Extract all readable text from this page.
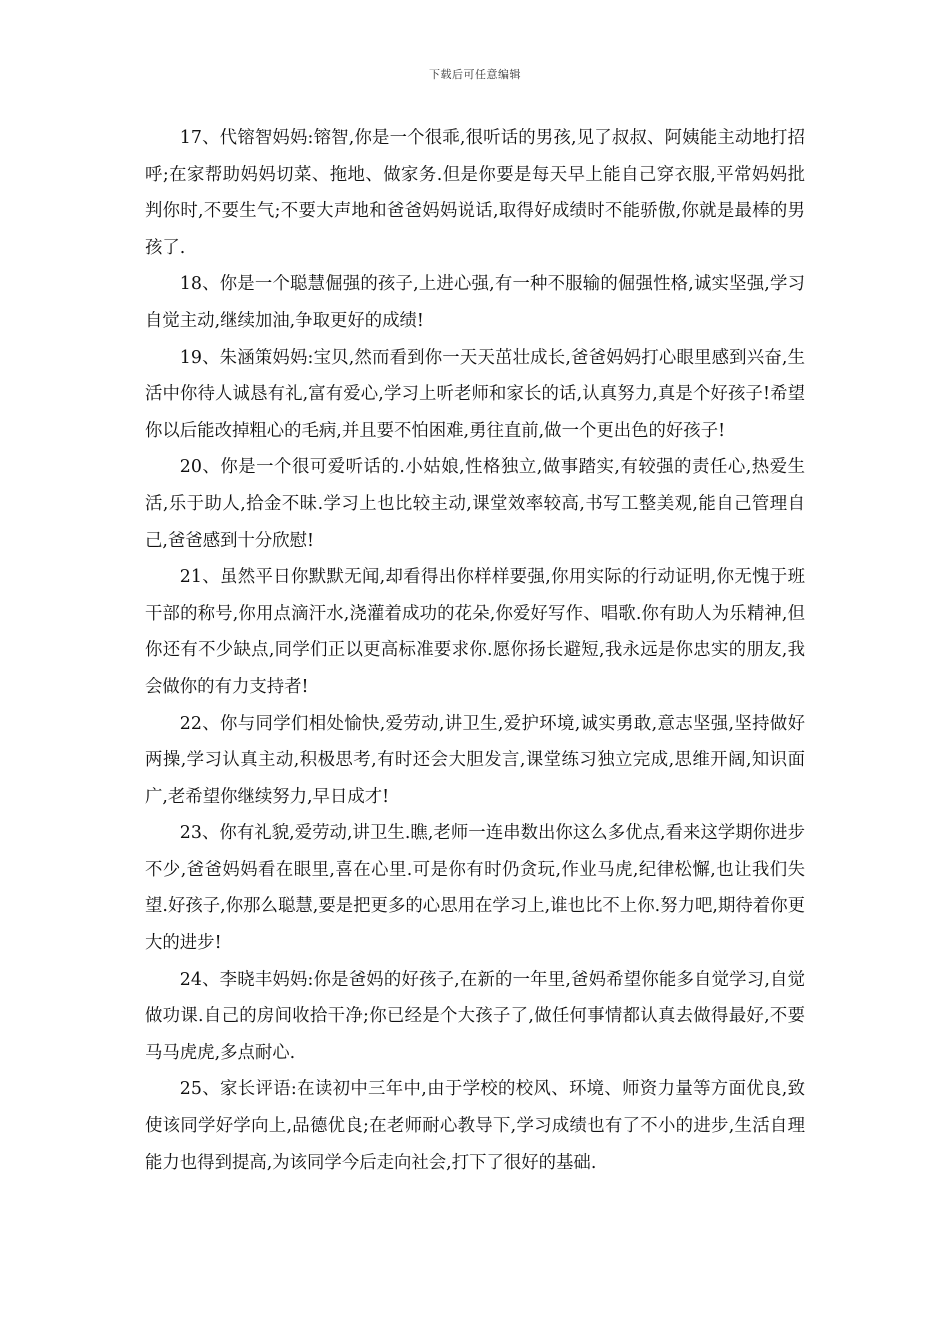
下载后可任意编辑

17、代镕智妈妈:镕智,你是一个很乖,很听话的男孩,见了叔叔、阿姨能主动地打招呼;在家帮助妈妈切菜、拖地、做家务.但是你要是每天早上能自己穿衣服,平常妈妈批判你时,不要生气;不要大声地和爸爸妈妈说话,取得好成绩时不能骄傲,你就是最棒的男孩了.

18、你是一个聪慧倔强的孩子,上进心强,有一种不服输的倔强性格,诚实坚强,学习自觉主动,继续加油,争取更好的成绩!

19、朱涵策妈妈:宝贝,然而看到你一天天茁壮成长,爸爸妈妈打心眼里感到兴奋,生活中你待人诚恳有礼,富有爱心,学习上听老师和家长的话,认真努力,真是个好孩子!希望你以后能改掉粗心的毛病,并且要不怕困难,勇往直前,做一个更出色的好孩子!

20、你是一个很可爱听话的.小姑娘,性格独立,做事踏实,有较强的责任心,热爱生活,乐于助人,拾金不昧.学习上也比较主动,课堂效率较高,书写工整美观,能自己管理自己,爸爸感到十分欣慰!

21、虽然平日你默默无闻,却看得出你样样要强,你用实际的行动证明,你无愧于班干部的称号,你用点滴汗水,浇灌着成功的花朵,你爱好写作、唱歌.你有助人为乐精神,但你还有不少缺点,同学们正以更高标准要求你.愿你扬长避短,我永远是你忠实的朋友,我会做你的有力支持者!

22、你与同学们相处愉快,爱劳动,讲卫生,爱护环境,诚实勇敢,意志坚强,坚持做好两操,学习认真主动,积极思考,有时还会大胆发言,课堂练习独立完成,思维开阔,知识面广,老希望你继续努力,早日成才!

23、你有礼貌,爱劳动,讲卫生.瞧,老师一连串数出你这么多优点,看来这学期你进步不少,爸爸妈妈看在眼里,喜在心里.可是你有时仍贪玩,作业马虎,纪律松懈,也让我们失望.好孩子,你那么聪慧,要是把更多的心思用在学习上,谁也比不上你.努力吧,期待着你更大的进步!

24、李晓丰妈妈:你是爸妈的好孩子,在新的一年里,爸妈希望你能多自觉学习,自觉做功课.自己的房间收拾干净;你已经是个大孩子了,做任何事情都认真去做得最好,不要马马虎虎,多点耐心.

25、家长评语:在读初中三年中,由于学校的校风、环境、师资力量等方面优良,致使该同学好学向上,品德优良;在老师耐心教导下,学习成绩也有了不小的进步,生活自理能力也得到提高,为该同学今后走向社会,打下了很好的基础.
